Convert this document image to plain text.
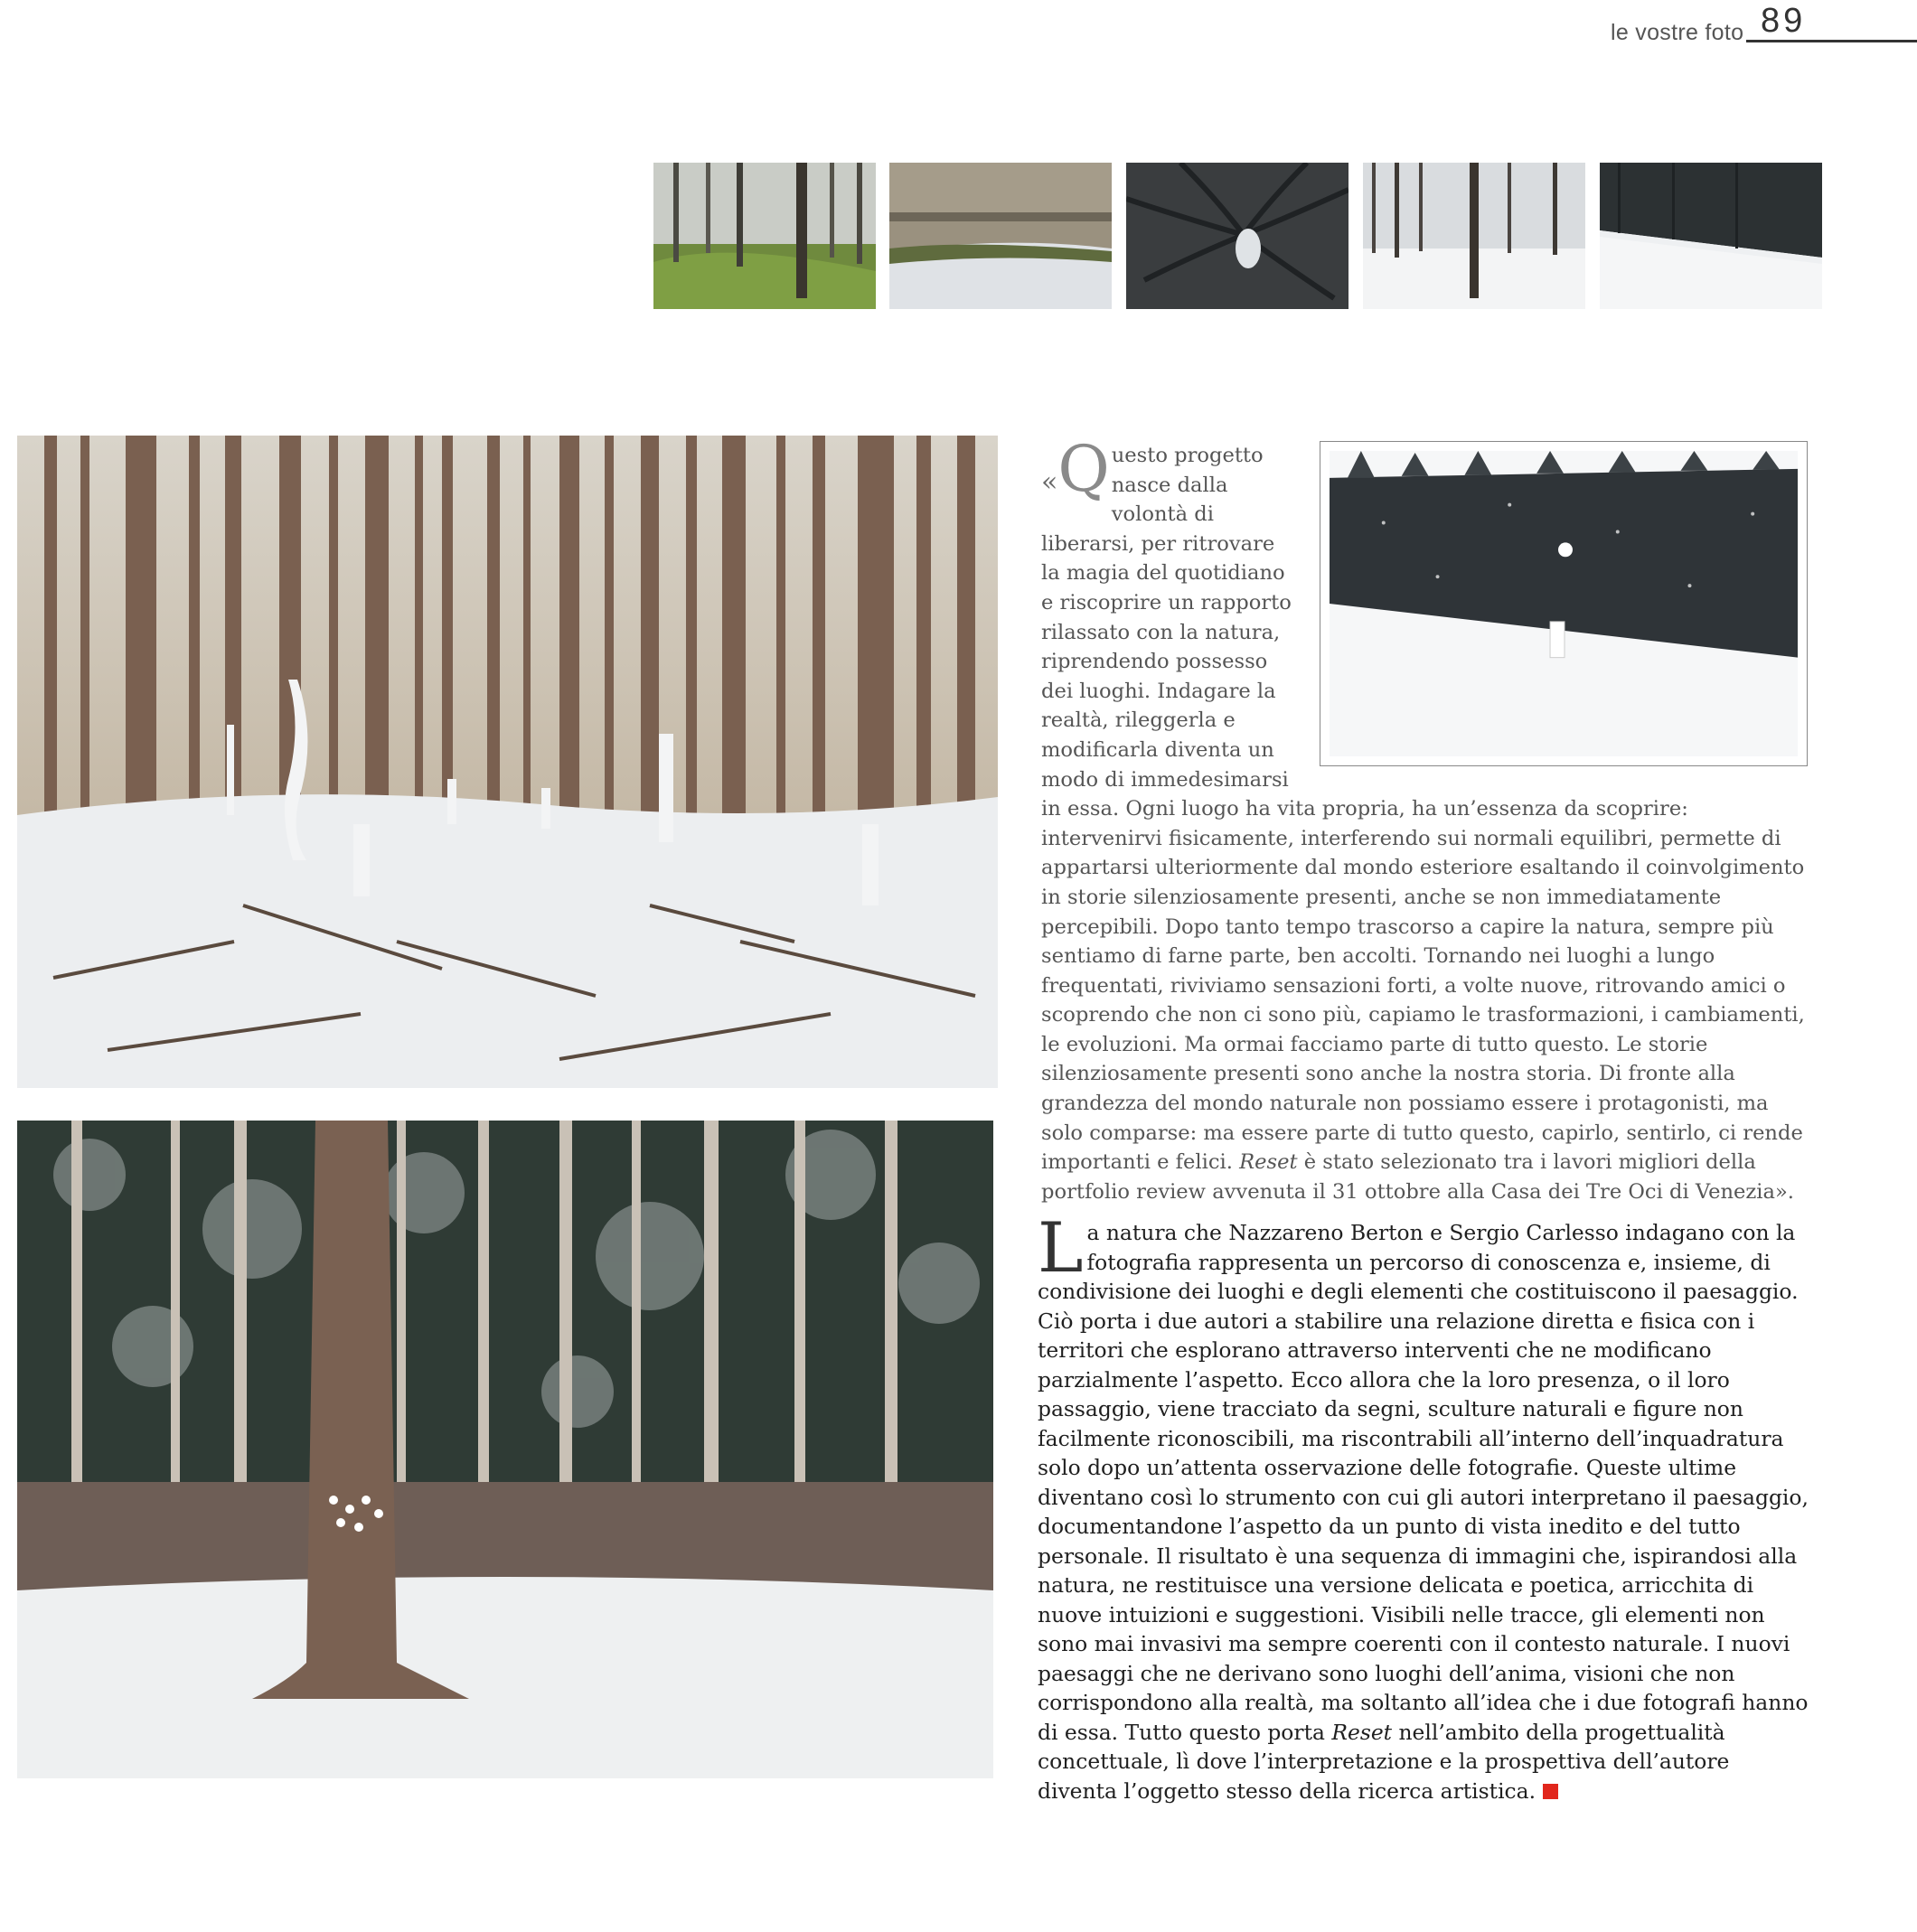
le vostre foto 89

«Q uesto progetto nasce dalla volontà di liberarsi, per ritrovare la magia del quotidiano e riscoprire un rapporto rilassato con la natura, riprendendo possesso dei luoghi. Indagare la realtà, rileggerla e modificarla diventa un modo di immedesimarsi in essa. Ogni luogo ha vita propria, ha un’essenza da scoprire: intervenirvi fisicamente, interferendo sui normali equilibri, permette di appartarsi ulteriormente dal mondo esteriore esaltando il coinvolgimento in storie silenziosamente presenti, anche se non immediatamente percepibili. Dopo tanto tempo trascorso a capire la natura, sempre più sentiamo di farne parte, ben accolti. Tornando nei luoghi a lungo frequentati, riviviamo sensazioni forti, a volte nuove, ritrovando amici o scoprendo che non ci sono più, capiamo le trasformazioni, i cambiamenti, le evoluzioni. Ma ormai facciamo parte di tutto questo. Le storie silenziosamente presenti sono anche la nostra storia. Di fronte alla grandezza del mondo naturale non possiamo essere i protagonisti, ma solo comparse: ma essere parte di tutto questo, capirlo, sentirlo, ci rende importanti e felici. Reset è stato selezionato tra i lavori migliori della portfolio review avvenuta il 31 ottobre alla Casa dei Tre Oci di Venezia».

La natura che Nazzareno Berton e Sergio Carlesso indagano con la fotografia rappresenta un percorso di conoscenza e, insieme, di condivisione dei luoghi e degli elementi che costituiscono il paesaggio. Ciò porta i due autori a stabilire una relazione diretta e fisica con i territori che esplorano attraverso interventi che ne modificano parzialmente l’aspetto. Ecco allora che la loro presenza, o il loro passaggio, viene tracciato da segni, sculture naturali e figure non facilmente riconoscibili, ma riscontrabili all’interno dell’inquadratura solo dopo un’attenta osservazione delle fotografie. Queste ultime diventano così lo strumento con cui gli autori interpretano il paesaggio, documentandone l’aspetto da un punto di vista inedito e del tutto personale. Il risultato è una sequenza di immagini che, ispirandosi alla natura, ne restituisce una versione delicata e poetica, arricchita di nuove intuizioni e suggestioni. Visibili nelle tracce, gli elementi non sono mai invasivi ma sempre coerenti con il contesto naturale. I nuovi paesaggi che ne derivano sono luoghi dell’anima, visioni che non corrispondono alla realtà, ma soltanto all’idea che i due fotografi hanno di essa. Tutto questo porta Reset nell’ambito della progettualità concettuale, lì dove l’interpretazione e la prospettiva dell’autore diventa l’oggetto stesso della ricerca artistica.
